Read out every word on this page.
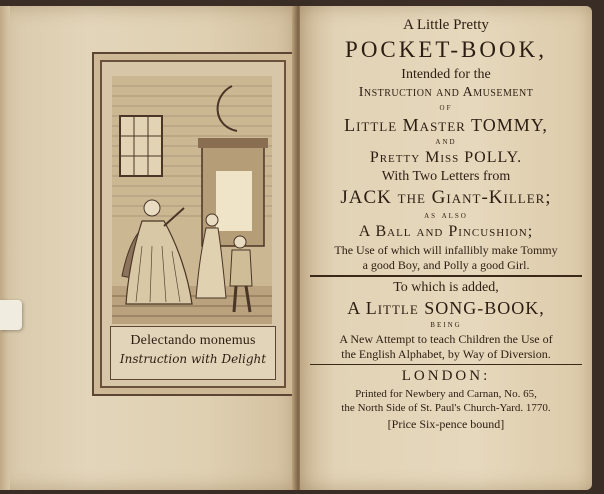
Delectando monemus
Instruction with Delight
A Little Pretty
POCKET-BOOK,
Intended for the
Instruction and Amusement
of
Little Master TOMMY,
and
Pretty Miss POLLY.
With Two Letters from
JACK the Giant-Killer;
as also
A Ball and Pincushion;
The Use of which will infallibly make Tommy
a good Boy, and Polly a good Girl.
To which is added,
A Little SONG-BOOK,
being
A New Attempt to teach Children the Use of
the English Alphabet, by Way of Diversion.
LONDON:
Printed for Newbery and Carnan, No. 65,
the North Side of St. Paul's Church-Yard. 1770.
[Price Six-pence bound]
